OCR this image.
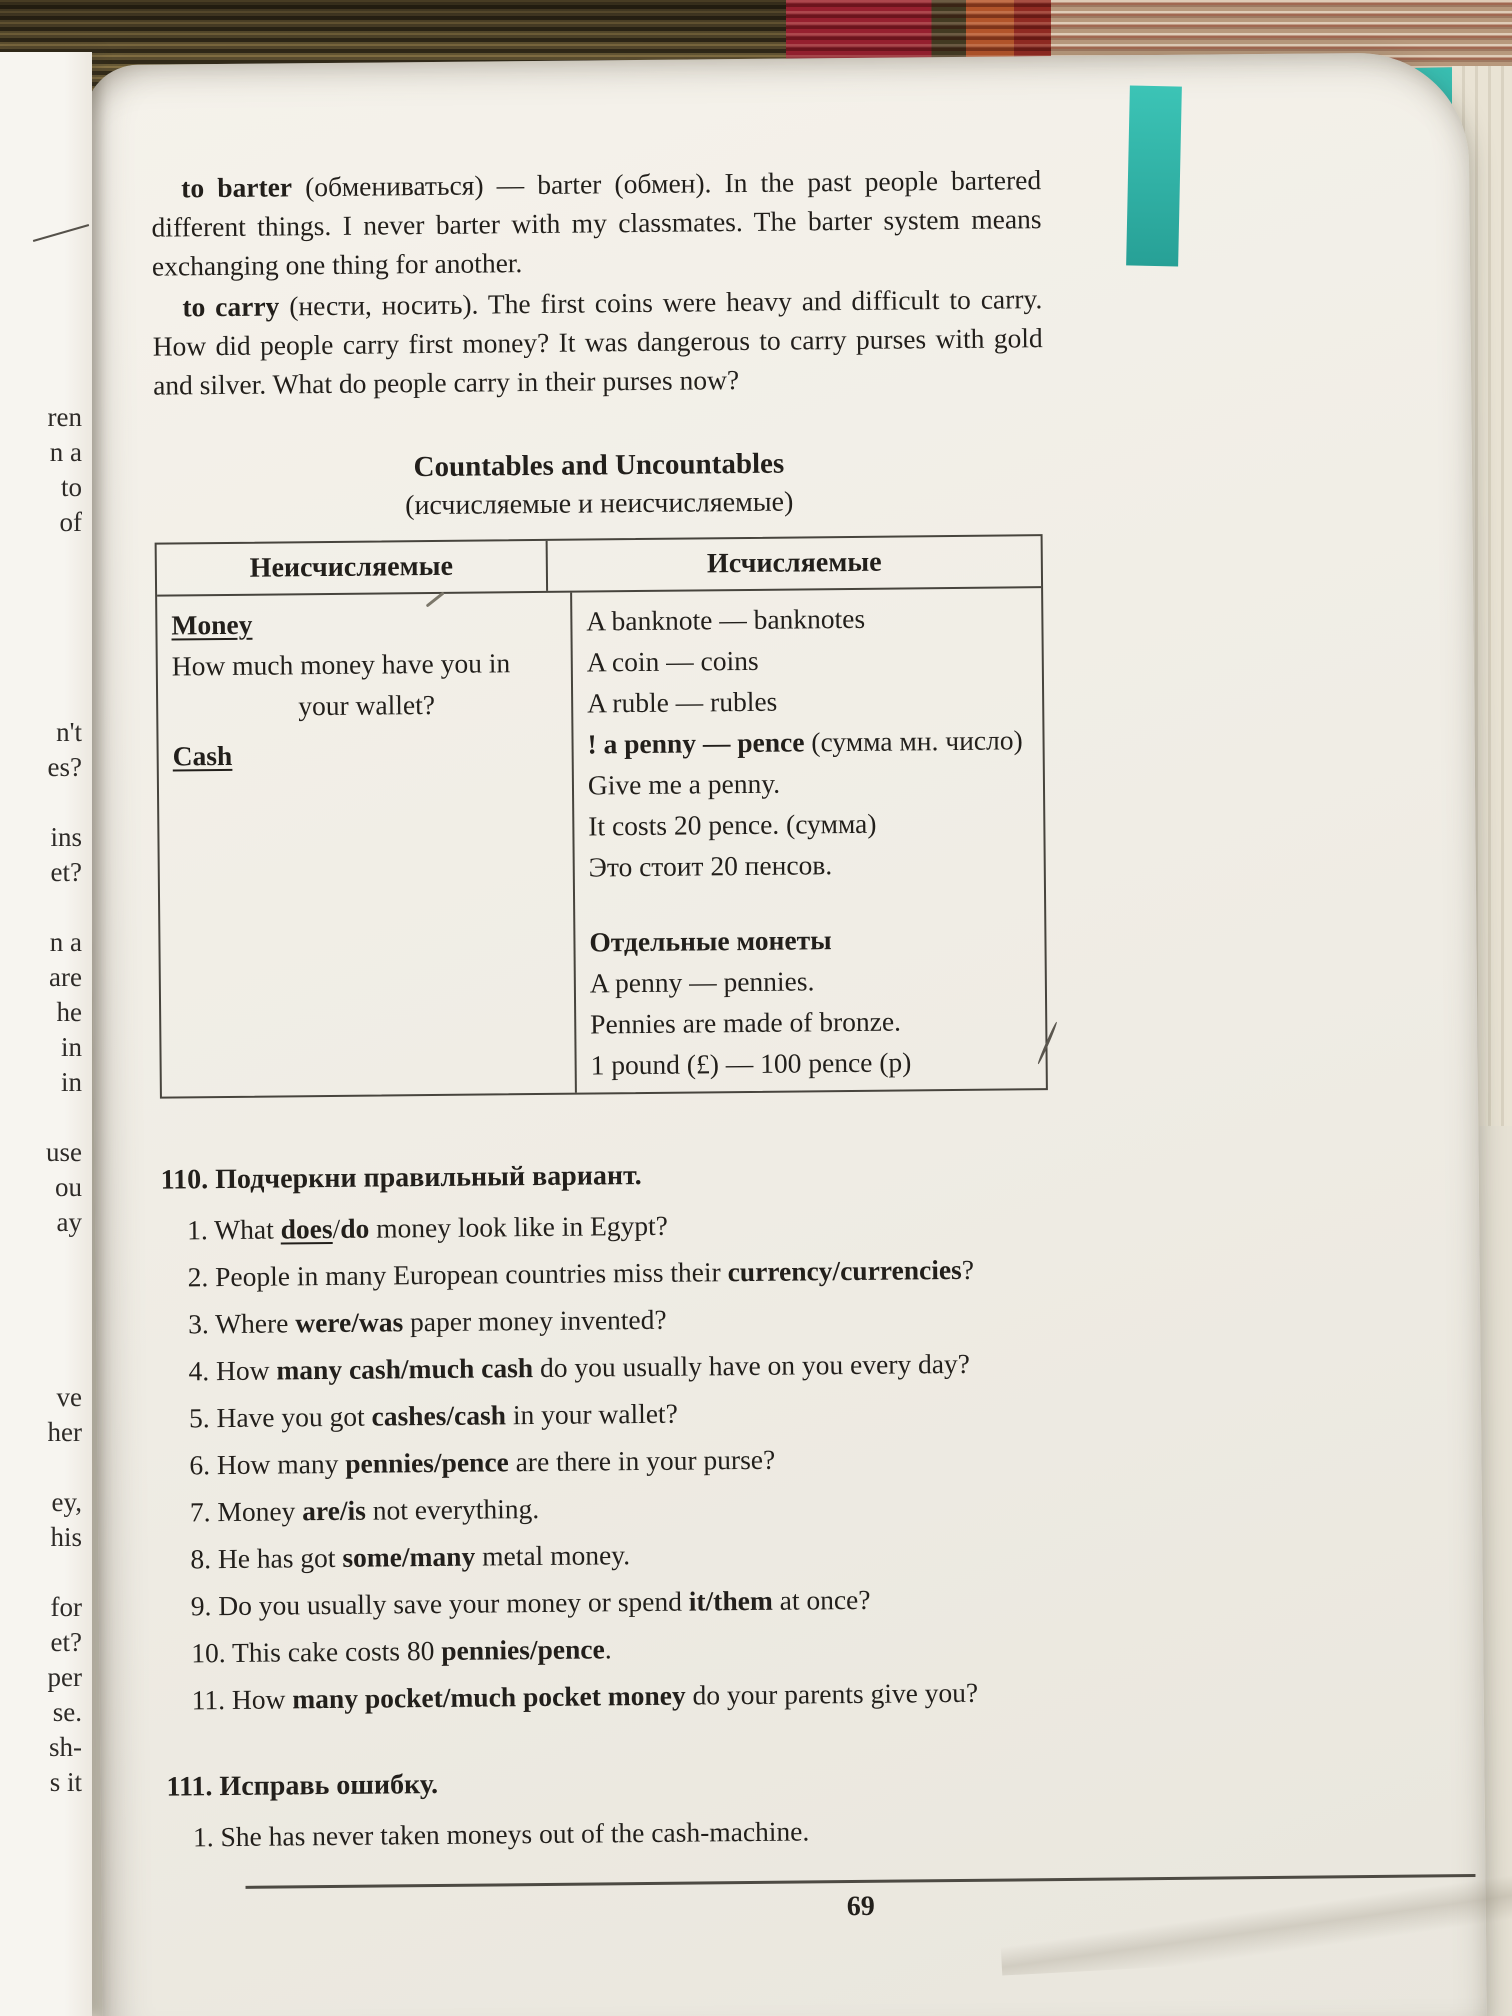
ren
n a
to
of
n't
es?
ins
et?
n a
are
he
in
in
use
ou
ay
ve
her
ey,
his
for
et?
per
se.
sh-
s it

to barter (обмениваться) — barter (обмен). In the past people bartered different things. I never barter with my classmates. The barter system means exchanging one thing for another.

to carry (нести, носить). The first coins were heavy and difficult to carry. How did people carry first money? It was dangerous to carry purses with gold and silver. What do people carry in their purses now?

Countables and Uncountables
(исчисляемые и неисчисляемые)
Неисчисляемые	Исчисляемые
Money
How much money have you in
your wallet?
Cash
A banknote — banknotes
A coin — coins
A ruble — rubles
! a penny — pence (сумма мн. число)
Give me a penny.
It costs 20 pence. (сумма)
Это стоит 20 пенсов.
Отдельные монеты
A penny — pennies.
Pennies are made of bronze.
1 pound (£) — 100 pence (p)
110. Подчеркни правильный вариант.
1. What does/do money look like in Egypt?
2. People in many European countries miss their currency/currencies?
3. Where were/was paper money invented?
4. How many cash/much cash do you usually have on you every day?
5. Have you got cashes/cash in your wallet?
6. How many pennies/pence are there in your purse?
7. Money are/is not everything.
8. He has got some/many metal money.
9. Do you usually save your money or spend it/them at once?
10. This cake costs 80 pennies/pence.
11. How many pocket/much pocket money do your parents give you?
111. Исправь ошибку.
1. She has never taken moneys out of the cash-machine.
69
